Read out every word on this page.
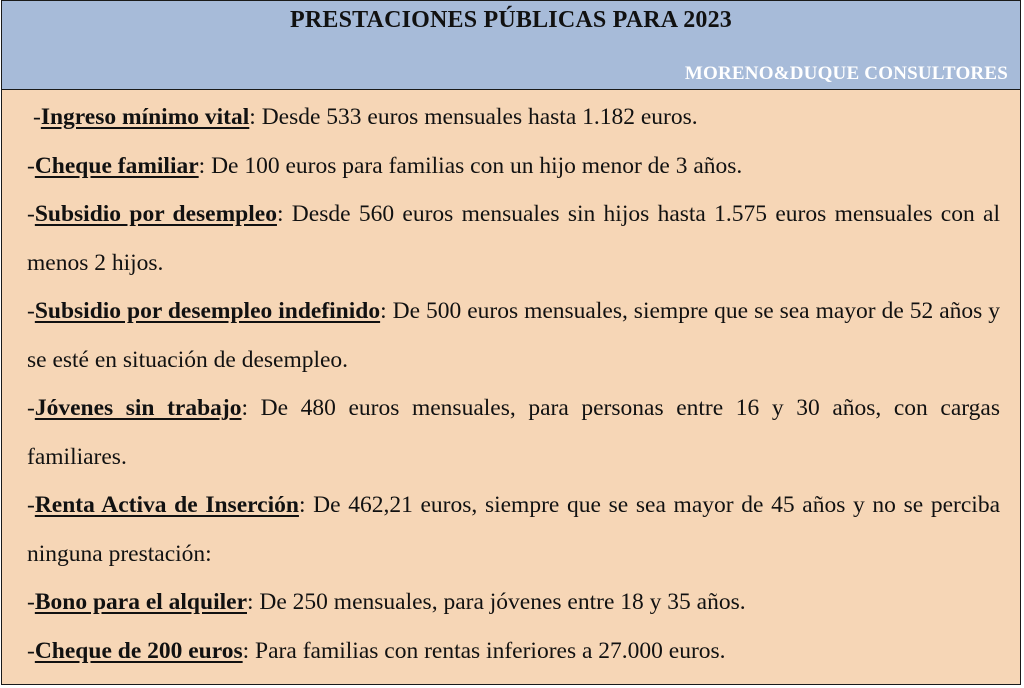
PRESTACIONES PÚBLICAS PARA 2023
MORENO&DUQUE CONSULTORES

-Ingreso mínimo vital: Desde 533 euros mensuales hasta 1.182 euros.

-Cheque familiar: De 100 euros para familias con un hijo menor de 3 años.

-Subsidio por desempleo: Desde 560 euros mensuales sin hijos hasta 1.575 euros mensuales con al menos 2 hijos.

-Subsidio por desempleo indefinido: De 500 euros mensuales, siempre que se sea mayor de 52 años y se esté en situación de desempleo.

-Jóvenes sin trabajo: De 480 euros mensuales, para personas entre 16 y 30 años, con cargas familiares.

-Renta Activa de Inserción: De 462,21 euros, siempre que se sea mayor de 45 años y no se perciba ninguna prestación:

-Bono para el alquiler: De 250 mensuales, para jóvenes entre 18 y 35 años.

-Cheque de 200 euros: Para familias con rentas inferiores a 27.000 euros.
